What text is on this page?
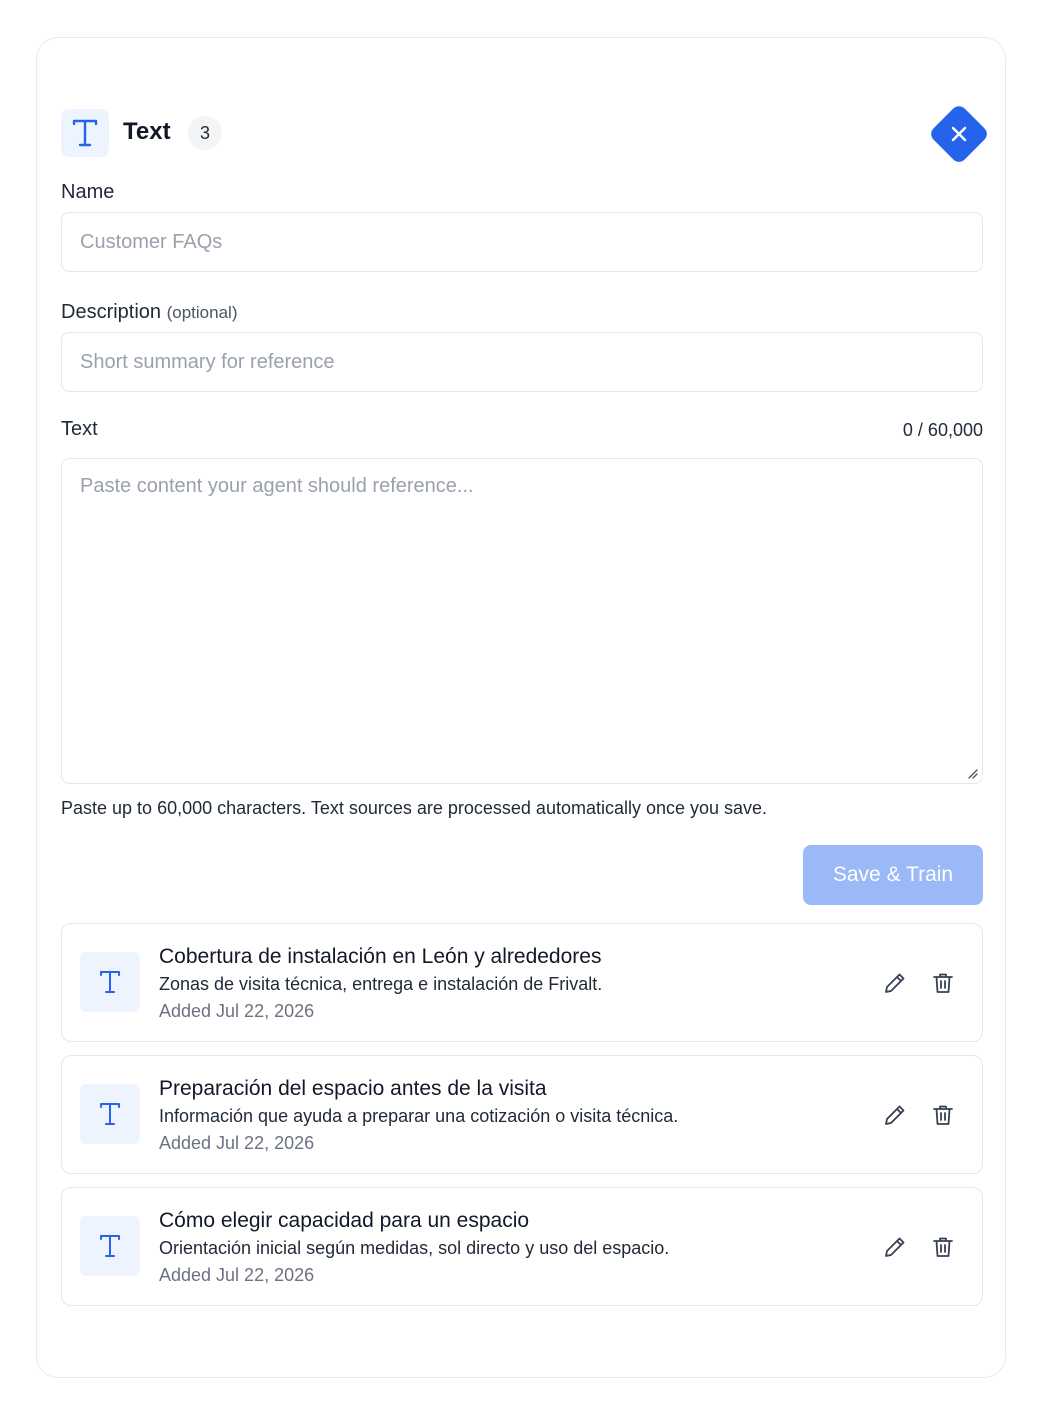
Text	3
Name
Customer FAQs
Description (optional)
Short summary for reference
Text	0 / 60,000
Paste content your agent should reference...
Paste up to 60,000 characters. Text sources are processed automatically once you save.
Save & Train
Cobertura de instalación en León y alrededores
Zonas de visita técnica, entrega e instalación de Frivalt.
Added Jul 22, 2026
Preparación del espacio antes de la visita
Información que ayuda a preparar una cotización o visita técnica.
Added Jul 22, 2026
Cómo elegir capacidad para un espacio
Orientación inicial según medidas, sol directo y uso del espacio.
Added Jul 22, 2026
